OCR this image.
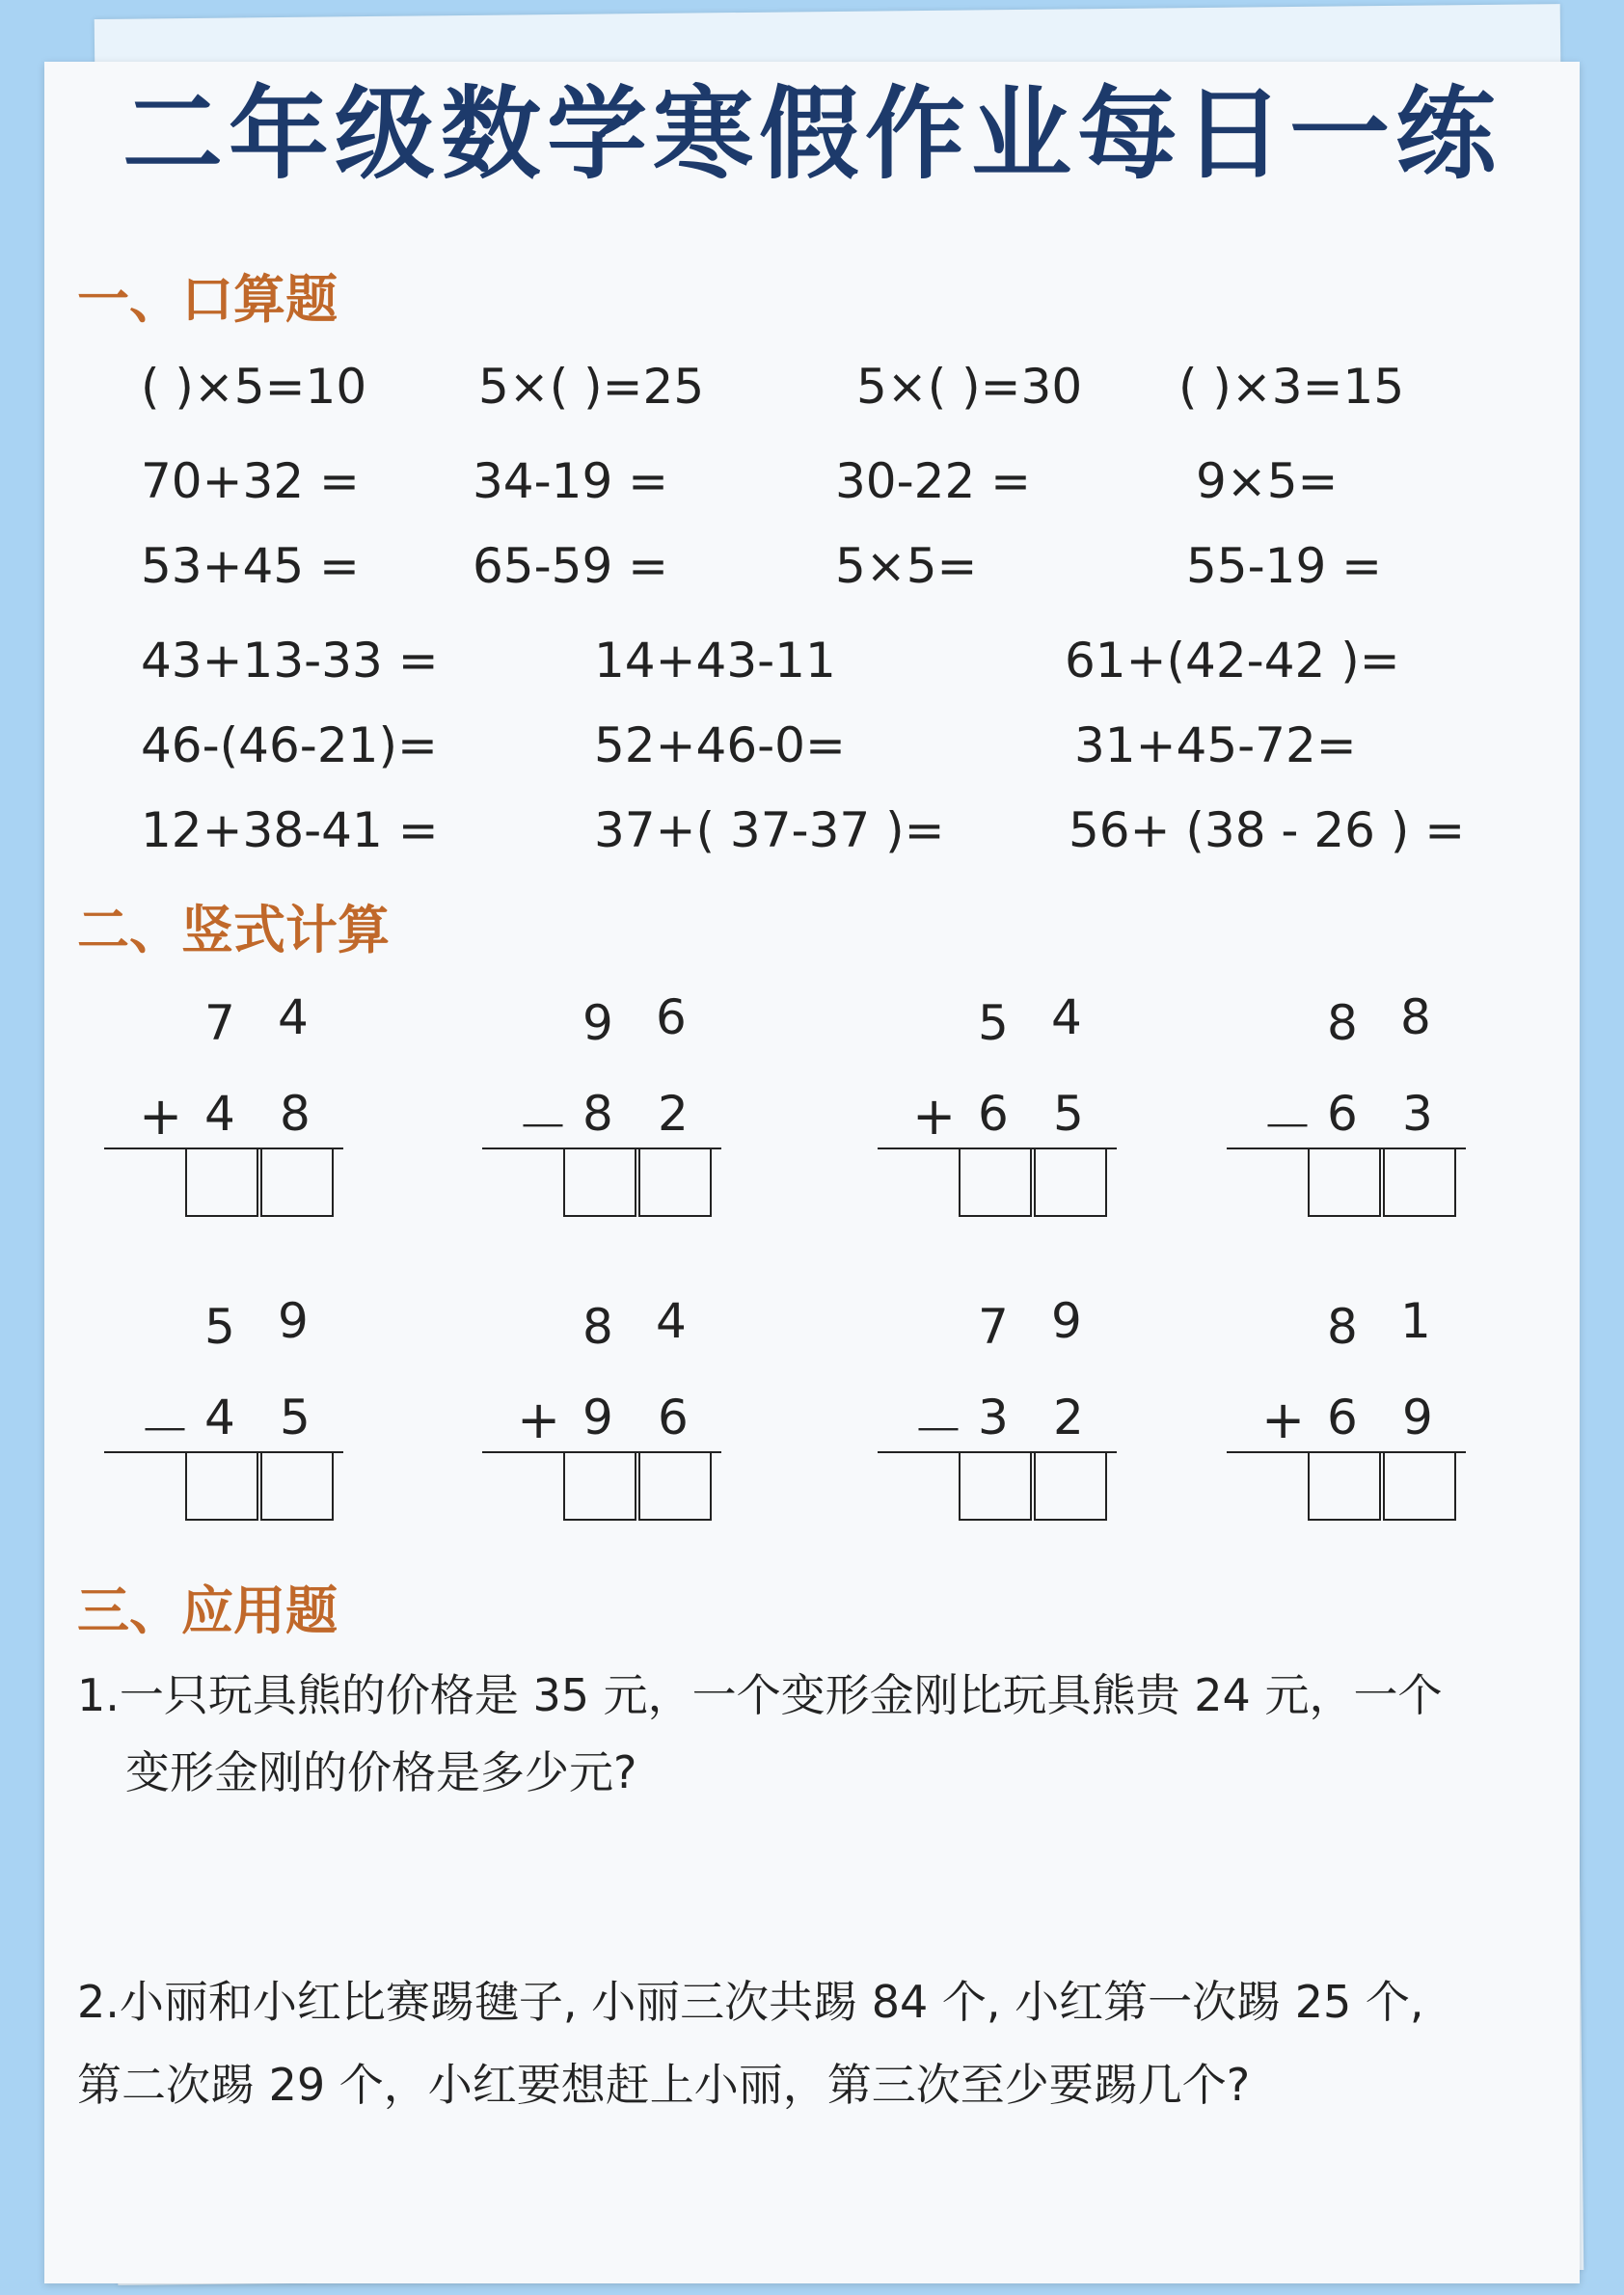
二年级数学寒假作业每日一练
一、口算题
( )×5=10 5×( )=25	5×( )=30 ( )×3=15
70+32 = 34-19 =	30-22 =	9×5=
53+45 = 65-59 =	5×5=	55-19 =
43+13-33 =	14+43-11	61+(42-42 )=
46-(46-21)=	52+46-0=	31+45-72=
12+38-41 =	37+( 37-37 )=	56+ (38 - 26 ) =
二、竖式计算
7 4
+ 4 8
9 6
－ 8 2
5 4
+ 6 5
8 8
－ 6 3
5 9
－ 4 5
8 4
+ 9 6
7 9
－ 3 2
8 1
+ 6 9
三、应用题
1.一只玩具熊的价格是 35 元，一个变形金刚比玩具熊贵 24 元，一个
变形金刚的价格是多少元?
2.小丽和小红比赛踢毽子, 小丽三次共踢 84 个, 小红第一次踢 25 个,
第二次踢 29 个，小红要想赶上小丽，第三次至少要踢几个?
